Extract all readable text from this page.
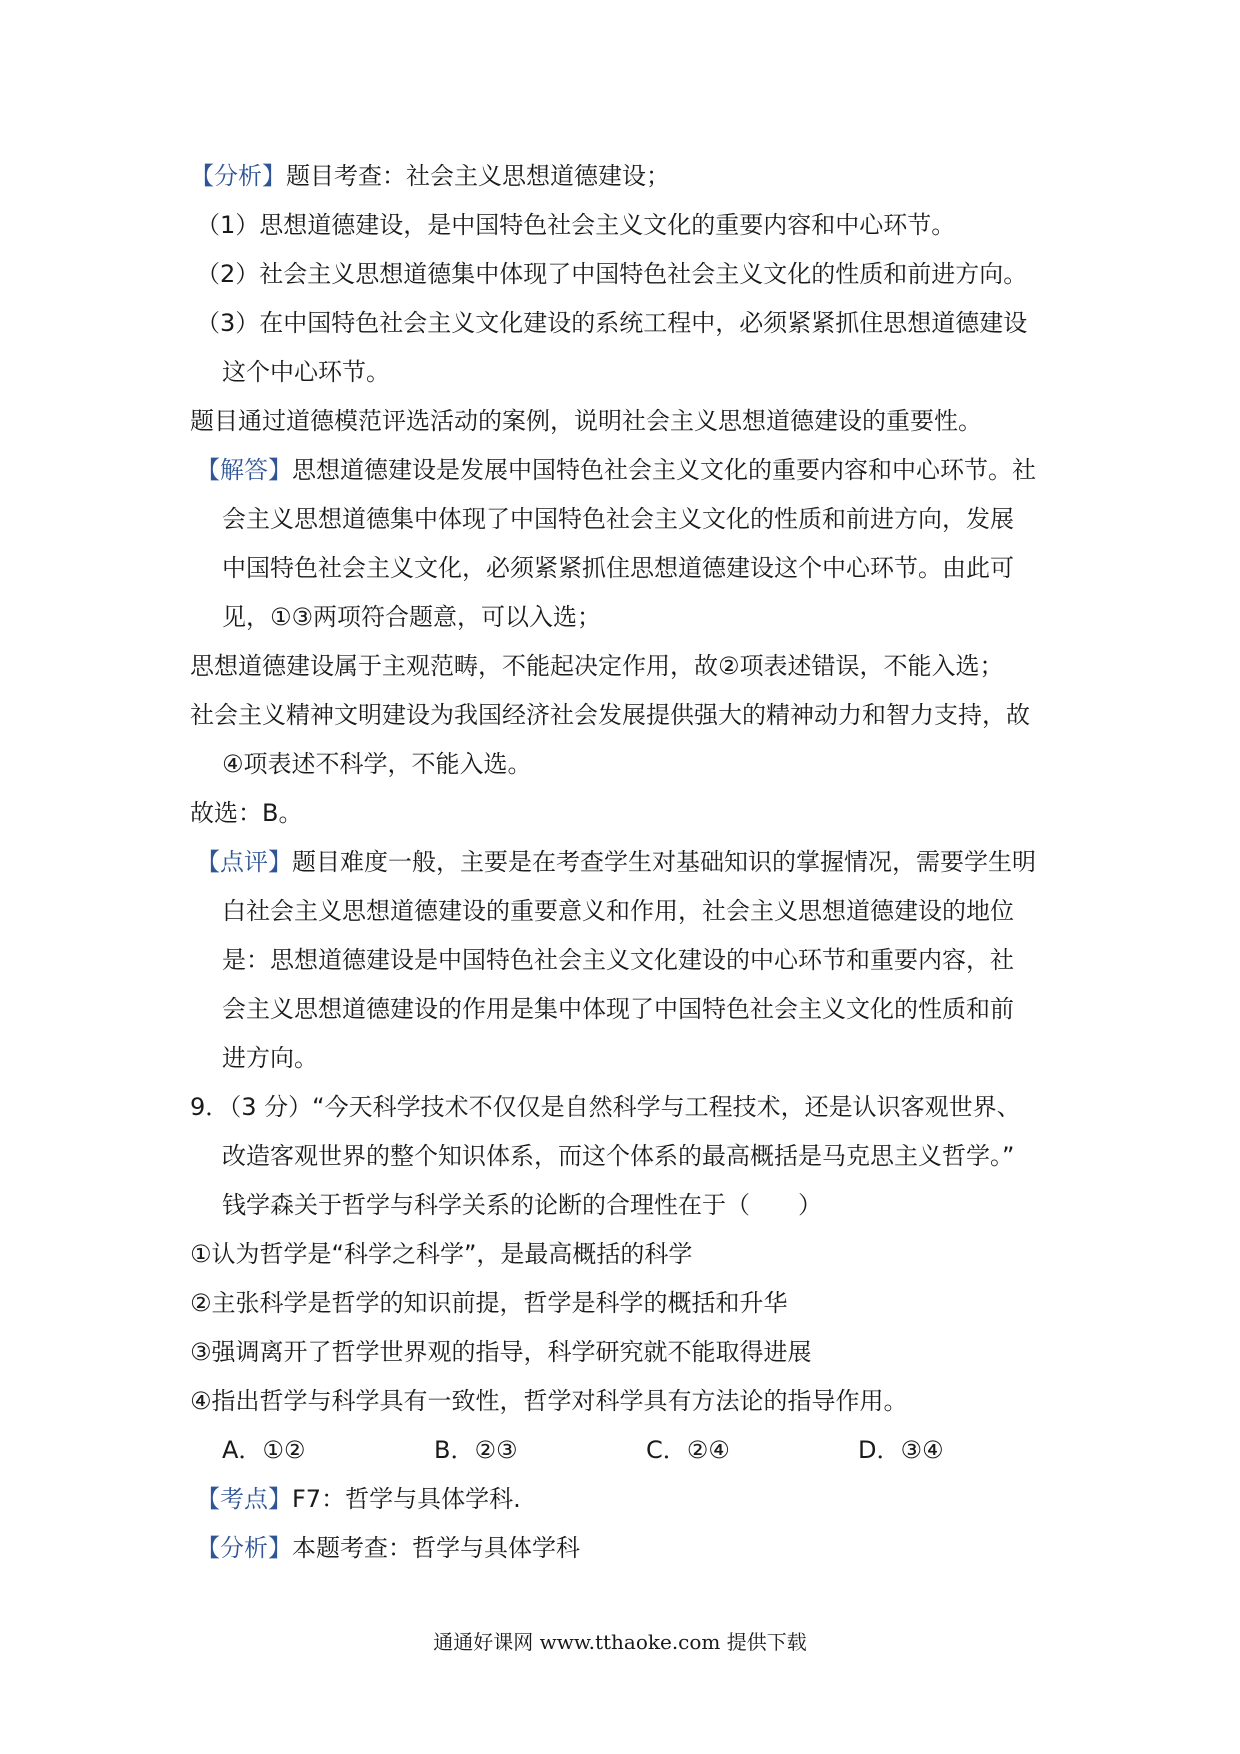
【分析】题目考查：社会主义思想道德建设；
（1）思想道德建设，是中国特色社会主义文化的重要内容和中心环节。
（2）社会主义思想道德集中体现了中国特色社会主义文化的性质和前进方向。
（3）在中国特色社会主义文化建设的系统工程中，必须紧紧抓住思想道德建设
这个中心环节。
题目通过道德模范评选活动的案例，说明社会主义思想道德建设的重要性。
【解答】思想道德建设是发展中国特色社会主义文化的重要内容和中心环节。社
会主义思想道德集中体现了中国特色社会主义文化的性质和前进方向，发展
中国特色社会主义文化，必须紧紧抓住思想道德建设这个中心环节。由此可
见，①③两项符合题意，可以入选；
思想道德建设属于主观范畴，不能起决定作用，故②项表述错误，不能入选；
社会主义精神文明建设为我国经济社会发展提供强大的精神动力和智力支持，故
④项表述不科学，不能入选。
故选：B。
【点评】题目难度一般，主要是在考查学生对基础知识的掌握情况，需要学生明
白社会主义思想道德建设的重要意义和作用，社会主义思想道德建设的地位
是：思想道德建设是中国特色社会主义文化建设的中心环节和重要内容，社
会主义思想道德建设的作用是集中体现了中国特色社会主义文化的性质和前
进方向。
9．（3 分）“今天科学技术不仅仅是自然科学与工程技术，还是认识客观世界、
改造客观世界的整个知识体系，而这个体系的最高概括是马克思主义哲学。”
钱学森关于哲学与科学关系的论断的合理性在于（　　）
①认为哲学是“科学之科学”，是最高概括的科学
②主张科学是哲学的知识前提，哲学是科学的概括和升华
③强调离开了哲学世界观的指导，科学研究就不能取得进展
④指出哲学与科学具有一致性，哲学对科学具有方法论的指导作用。
A．①②	B．②③	C．②④	D．③④
【考点】F7：哲学与具体学科.
【分析】本题考查：哲学与具体学科
通通好课网 www.tthaoke.com 提供下载
